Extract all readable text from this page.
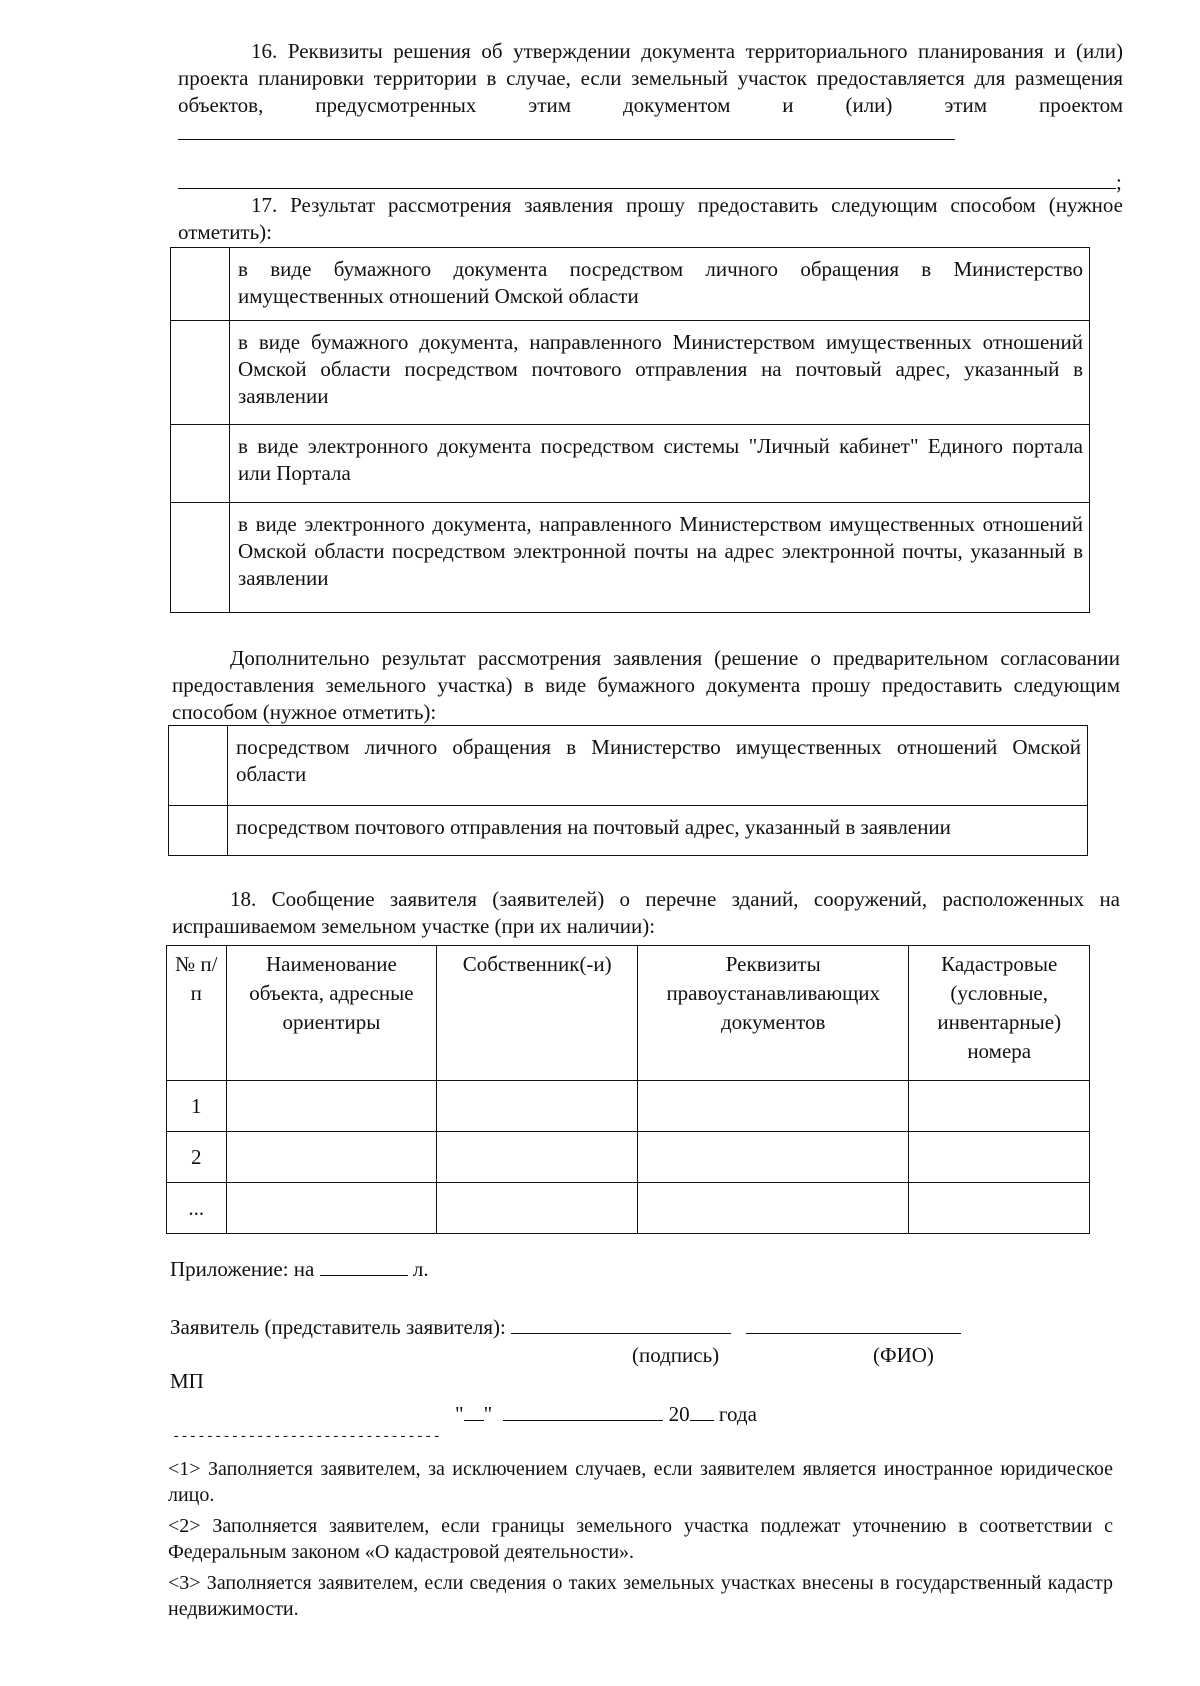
16. Реквизиты решения об утверждении документа территориального планирования и (или) проекта планировки территории в случае, если земельный участок предоставляется для размещения объектов, предусмотренных этим документом и (или) этим проектом
;
17. Результат рассмотрения заявления прошу предоставить следующим способом (нужное отметить):
	в виде бумажного документа посредством личного обращения в Министерство имущественных отношений Омской области
	в виде бумажного документа, направленного Министерством имущественных отношений Омской области посредством почтового отправления на почтовый адрес, указанный в заявлении
	в виде электронного документа посредством системы "Личный кабинет" Единого портала или Портала
	в виде электронного документа, направленного Министерством имущественных отношений Омской области посредством электронной почты на адрес электронной почты, указанный в заявлении
Дополнительно результат рассмотрения заявления (решение о предварительном согласовании предоставления земельного участка) в виде бумажного документа прошу предоставить следующим способом (нужное отметить):
	посредством личного обращения в Министерство имущественных отношений Омской области
	посредством почтового отправления на почтовый адрес, указанный в заявлении
18. Сообщение заявителя (заявителей) о перечне зданий, сооружений, расположенных на испрашиваемом земельном участке (при их наличии):
№ п/п	Наименование объекта, адресные ориентиры	Собственник(-и)	Реквизиты правоустанавливающих документов	Кадастровые (условные, инвентарные) номера
1				
2				
...				
Приложение: на	л.
Заявитель (представитель заявителя):
(подпись)	(ФИО)
МП
" "	20 года
--------------------------------
<1> Заполняется заявителем, за исключением случаев, если заявителем является иностранное юридическое лицо.
<2> Заполняется заявителем, если границы земельного участка подлежат уточнению в соответствии с Федеральным законом «О кадастровой деятельности».
<3> Заполняется заявителем, если сведения о таких земельных участках внесены в государственный кадастр недвижимости.
